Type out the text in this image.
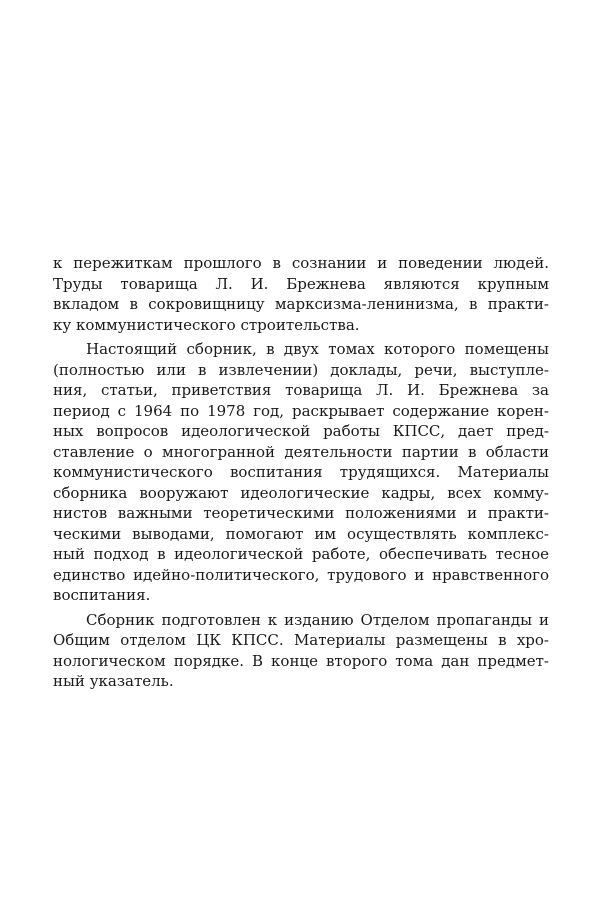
к пережиткам прошлого в сознании и поведении людей.
Труды товарища Л. И. Брежнева являются крупным
вкладом в сокровищницу марксизма-ленинизма, в практи-
ку коммунистического строительства.
Настоящий сборник, в двух томах которого помещены
(полностью или в извлечении) доклады, речи, выступле-
ния, статьи, приветствия товарища Л. И. Брежнева за
период с 1964 по 1978 год, раскрывает содержание корен-
ных вопросов идеологической работы КПСС, дает пред-
ставление о многогранной деятельности партии в области
коммунистического воспитания трудящихся. Материалы
сборника вооружают идеологические кадры, всех комму-
нистов важными теоретическими положениями и практи-
ческими выводами, помогают им осуществлять комплекс-
ный подход в идеологической работе, обеспечивать тесное
единство идейно-политического, трудового и нравственного
воспитания.
Сборник подготовлен к изданию Отделом пропаганды и
Общим отделом ЦК КПСС. Материалы размещены в хро-
нологическом порядке. В конце второго тома дан предмет-
ный указатель.
